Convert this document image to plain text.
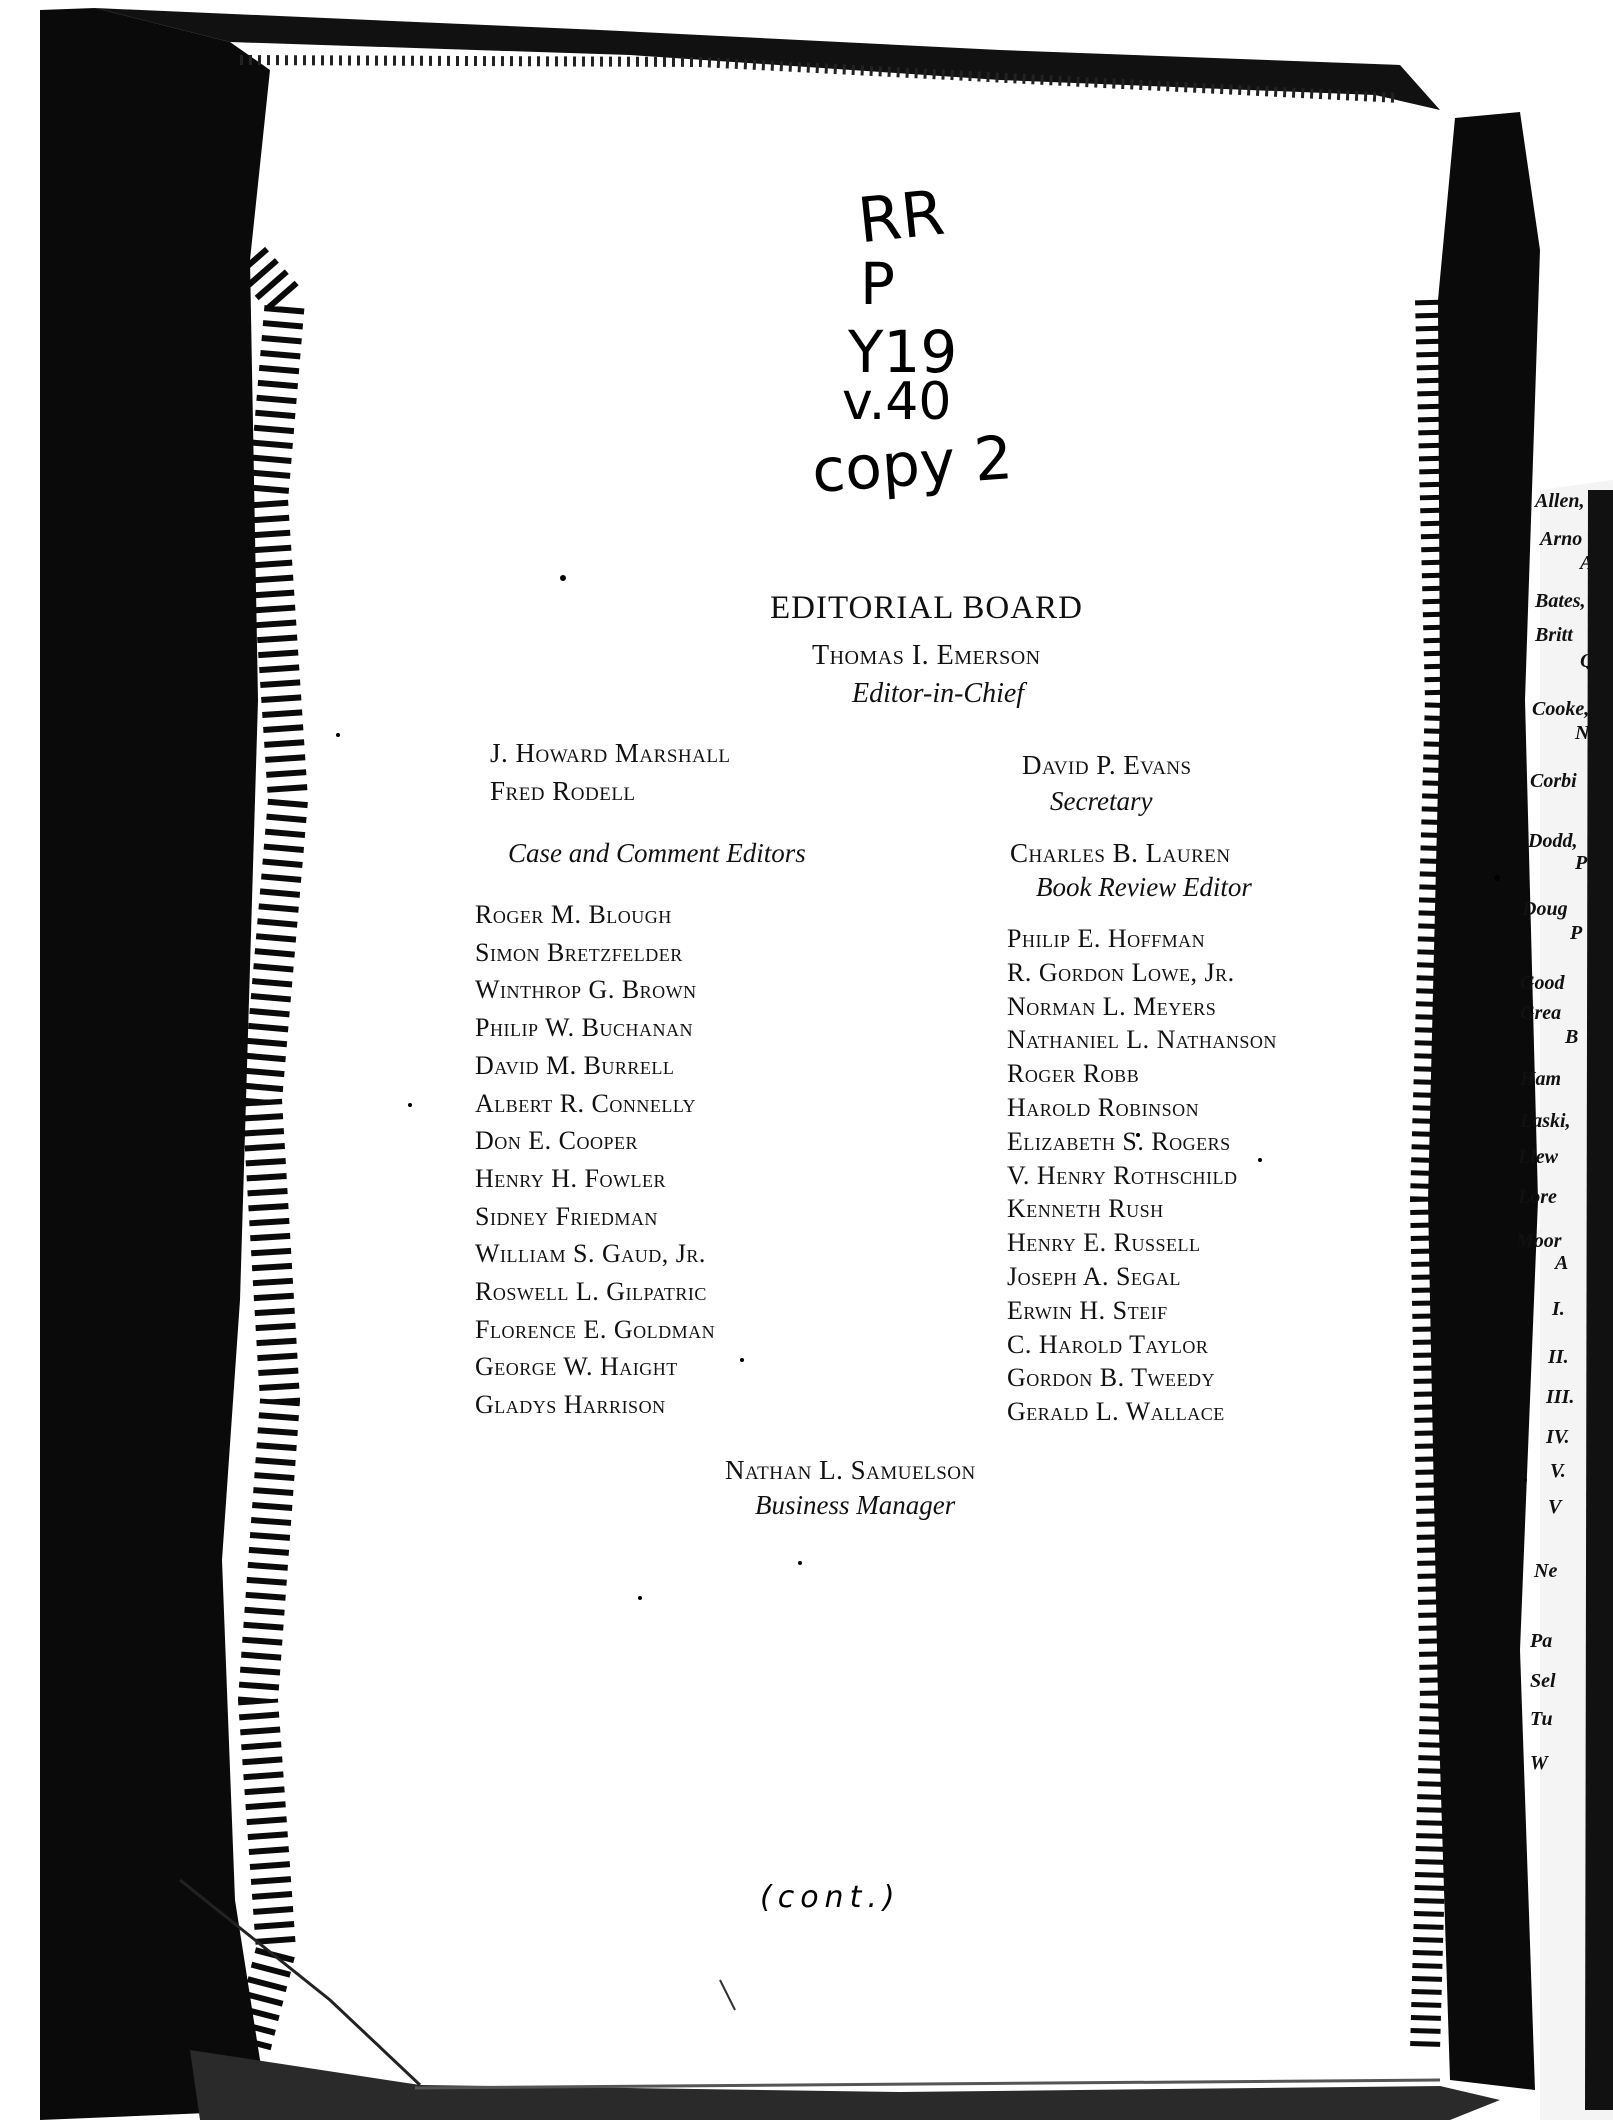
RR
P
Y19
v.40
copy 2
EDITORIAL BOARD
Thomas I. Emerson
Editor-in-Chief
J. Howard Marshall
Fred Rodell
David P. Evans
Secretary
Case and Comment Editors	Charles B. Lauren
Book Review Editor
Roger M. Blough
Simon Bretzfelder
Winthrop G. Brown
Philip W. Buchanan
David M. Burrell
Albert R. Connelly
Don E. Cooper
Henry H. Fowler
Sidney Friedman
William S. Gaud, Jr.
Roswell L. Gilpatric
Florence E. Goldman
George W. Haight
Gladys Harrison
Philip E. Hoffman
R. Gordon Lowe, Jr.
Norman L. Meyers
Nathaniel L. Nathanson
Roger Robb
Harold Robinson
Elizabeth S. Rogers
V. Henry Rothschild
Kenneth Rush
Henry E. Russell
Joseph A. Segal
Erwin H. Steif
C. Harold Taylor
Gordon B. Tweedy
Gerald L. Wallace
Nathan L. Samuelson
Business Manager
(cont.)
Allen,
Arno
A
Bates,
Britt
Q
Cooke,
N
Corbi
Dodd,
P
Doug
P
Good
Grea
B
Ham
Laski,
Llew
Lore
Moor
A
I.
II.
III.
IV.
V.
V
Ne
Pa
Sel
Tu
W
